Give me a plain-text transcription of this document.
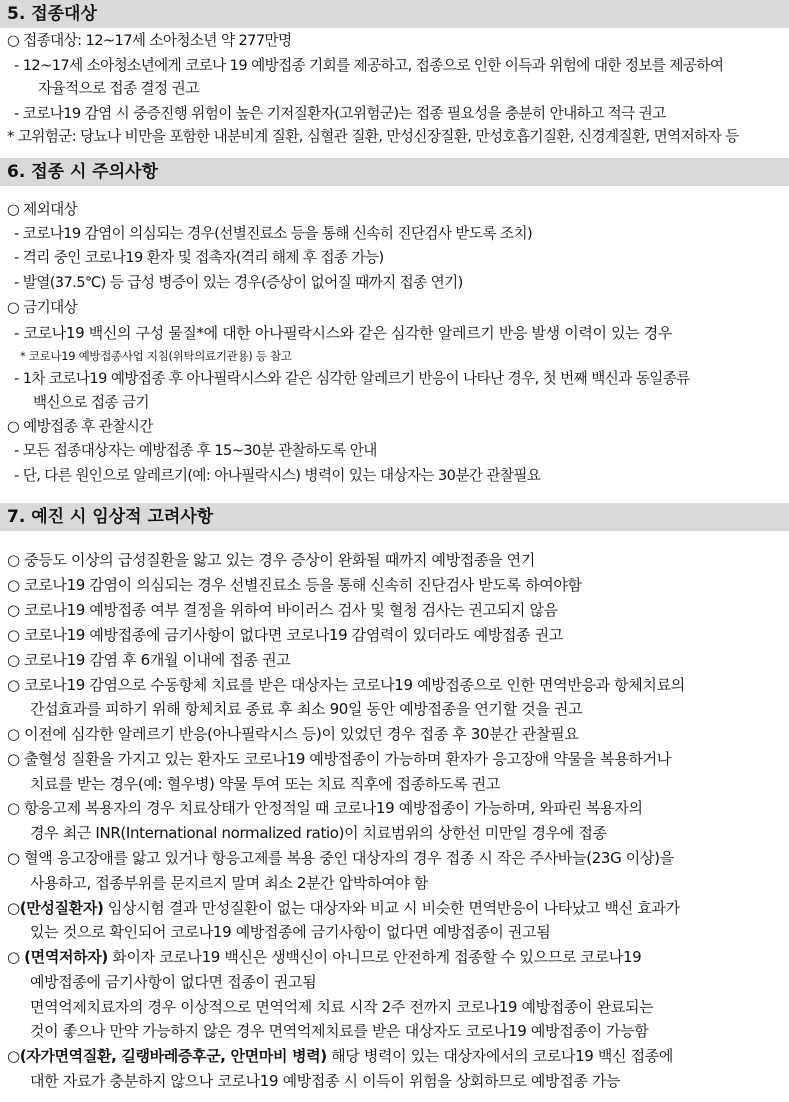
5. 접종대상
○ 접종대상: 12~17세 소아청소년 약 277만명
- 12~17세 소아청소년에게 코로나 19 예방접종 기회를 제공하고, 접종으로 인한 이득과 위험에 대한 정보를 제공하여
자율적으로 접종 결정 권고
- 코로나19 감염 시 중증진행 위험이 높은 기저질환자(고위험군)는 접종 필요성을 충분히 안내하고 적극 권고
* 고위험군: 당뇨나 비만을 포함한 내분비계 질환, 심혈관 질환, 만성신장질환, 만성호흡기질환, 신경계질환, 면역저하자 등
6. 접종 시 주의사항
○ 제외대상
- 코로나19 감염이 의심되는 경우(선별진료소 등을 통해 신속히 진단검사 받도록 조치)
- 격리 중인 코로나19 환자 및 접촉자(격리 해제 후 접종 가능)
- 발열(37.5℃) 등 급성 병증이 있는 경우(증상이 없어질 때까지 접종 연기)
○ 금기대상
- 코로나19 백신의 구성 물질*에 대한 아나필락시스와 같은 심각한 알레르기 반응 발생 이력이 있는 경우
* 코로나19 예방접종사업 지침(위탁의료기관용) 등 참고
- 1차 코로나19 예방접종 후 아나필락시스와 같은 심각한 알레르기 반응이 나타난 경우, 첫 번째 백신과 동일종류
백신으로 접종 금기
○ 예방접종 후 관찰시간
- 모든 접종대상자는 예방접종 후 15~30분 관찰하도록 안내
- 단, 다른 원인으로 알레르기(예: 아나필락시스) 병력이 있는 대상자는 30분간 관찰필요
7. 예진 시 임상적 고려사항
○ 중등도 이상의 급성질환을 앓고 있는 경우 증상이 완화될 때까지 예방접종을 연기
○ 코로나19 감염이 의심되는 경우 선별진료소 등을 통해 신속히 진단검사 받도록 하여야함
○ 코로나19 예방접종 여부 결정을 위하여 바이러스 검사 및 혈청 검사는 권고되지 않음
○ 코로나19 예방접종에 금기사항이 없다면 코로나19 감염력이 있더라도 예방접종 권고
○ 코로나19 감염 후 6개월 이내에 접종 권고
○ 코로나19 감염으로 수동항체 치료를 받은 대상자는 코로나19 예방접종으로 인한 면역반응과 항체치료의
간섭효과를 피하기 위해 항체치료 종료 후 최소 90일 동안 예방접종을 연기할 것을 권고
○ 이전에 심각한 알레르기 반응(아나필락시스 등)이 있었던 경우 접종 후 30분간 관찰필요
○ 출혈성 질환을 가지고 있는 환자도 코로나19 예방접종이 가능하며 환자가 응고장애 약물을 복용하거나
치료를 받는 경우(예: 혈우병) 약물 투여 또는 치료 직후에 접종하도록 권고
○ 항응고제 복용자의 경우 치료상태가 안정적일 때 코로나19 예방접종이 가능하며, 와파린 복용자의
경우 최근 INR(International normalized ratio)이 치료범위의 상한선 미만일 경우에 접종
○ 혈액 응고장애를 앓고 있거나 항응고제를 복용 중인 대상자의 경우 접종 시 작은 주사바늘(23G 이상)을
사용하고, 접종부위를 문지르지 말며 최소 2분간 압박하여야 함
○(만성질환자) 임상시험 결과 만성질환이 없는 대상자와 비교 시 비슷한 면역반응이 나타났고 백신 효과가
있는 것으로 확인되어 코로나19 예방접종에 금기사항이 없다면 예방접종이 권고됨
○ (면역저하자) 화이자 코로나19 백신은 생백신이 아니므로 안전하게 접종할 수 있으므로 코로나19
예방접종에 금기사항이 없다면 접종이 권고됨
면역억제치료자의 경우 이상적으로 면역억제 치료 시작 2주 전까지 코로나19 예방접종이 완료되는
것이 좋으나 만약 가능하지 않은 경우 면역억제치료를 받은 대상자도 코로나19 예방접종이 가능함
○(자가면역질환, 길랭바레증후군, 안면마비 병력) 해당 병력이 있는 대상자에서의 코로나19 백신 접종에
대한 자료가 충분하지 않으나 코로나19 예방접종 시 이득이 위험을 상회하므로 예방접종 가능
